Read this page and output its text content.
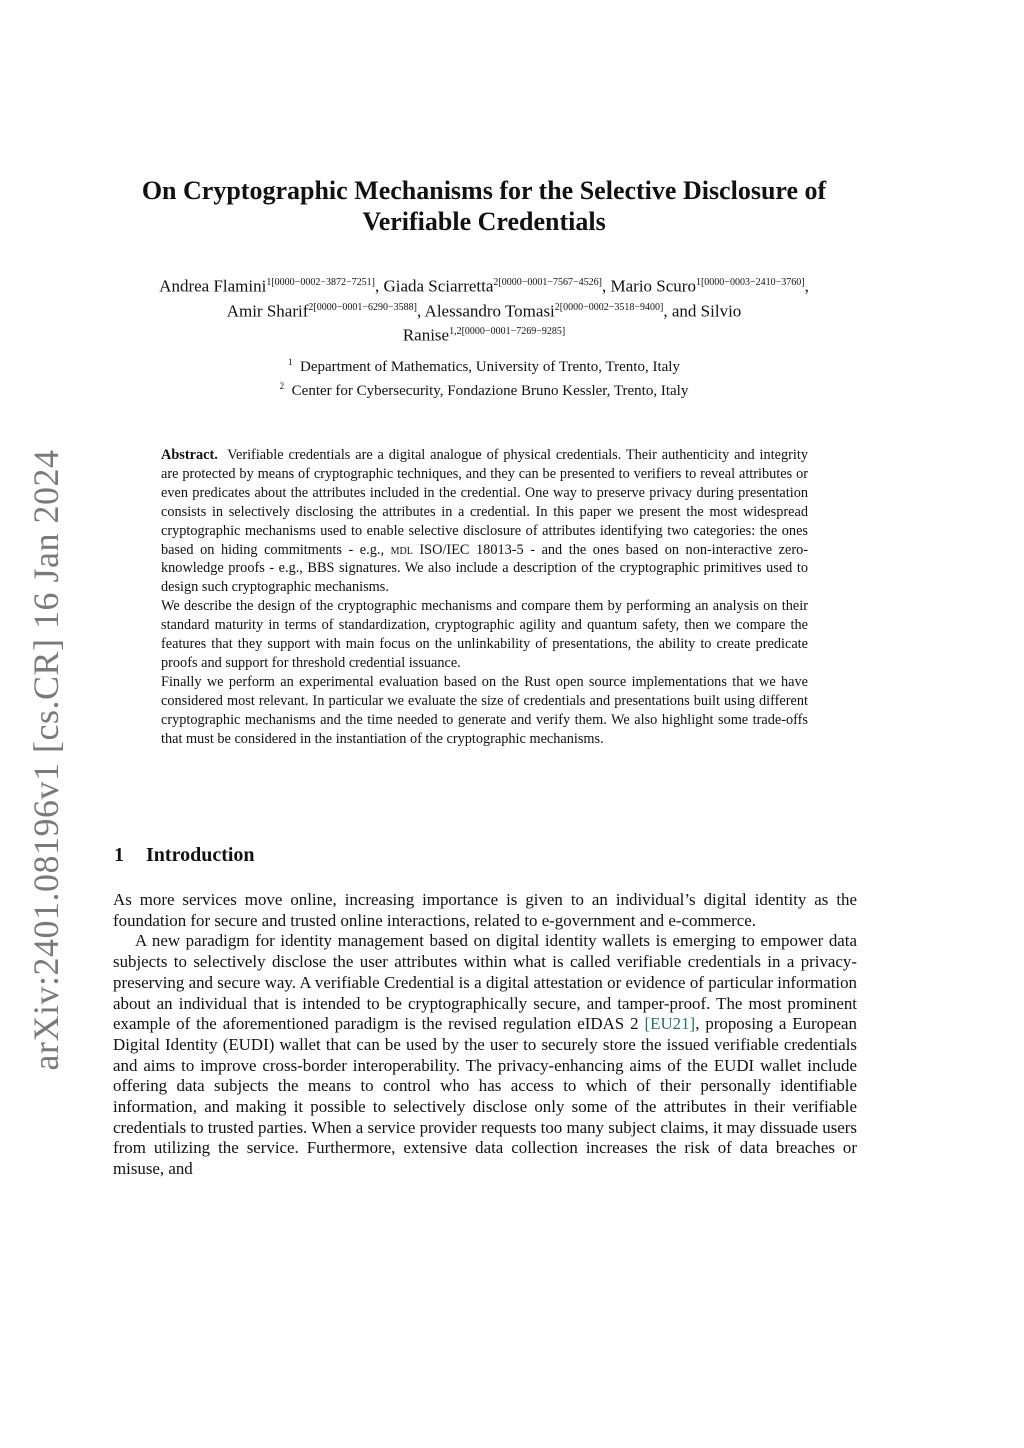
arXiv:2401.08196v1 [cs.CR] 16 Jan 2024
On Cryptographic Mechanisms for the Selective Disclosure of Verifiable Credentials
Andrea Flamini$^{1[0000-0002-3872-7251]}$, Giada Sciarretta$^{2[0000-0001-7567-4526]}$, Mario Scuro$^{1[0000-0003-2410-3760]}$, Amir Sharif$^{2[0000-0001-6290-3588]}$, Alessandro Tomasi$^{2[0000-0002-3518-9400]}$, and Silvio Ranise$^{1,2[0000-0001-7269-9285]}$
$^1$ Department of Mathematics, University of Trento, Trento, Italy
$^2$ Center for Cybersecurity, Fondazione Bruno Kessler, Trento, Italy

Abstract. Verifiable credentials are a digital analogue of physical credentials. Their authenticity and integrity are protected by means of cryptographic techniques, and they can be presented to verifiers to reveal attributes or even predicates about the attributes included in the credential. One way to preserve privacy during presentation consists in selectively disclosing the attributes in a credential. In this paper we present the most widespread cryptographic mechanisms used to enable selective disclosure of attributes identifying two categories: the ones based on hiding commitments - e.g., mdl ISO/IEC 18013-5 - and the ones based on non-interactive zero-knowledge proofs - e.g., BBS signatures. We also include a description of the cryptographic primitives used to design such cryptographic mechanisms.

We describe the design of the cryptographic mechanisms and compare them by performing an analysis on their standard maturity in terms of standardization, cryptographic agility and quantum safety, then we compare the features that they support with main focus on the unlinkability of presentations, the ability to create predicate proofs and support for threshold credential issuance.

Finally we perform an experimental evaluation based on the Rust open source implementations that we have considered most relevant. In particular we evaluate the size of credentials and presentations built using different cryptographic mechanisms and the time needed to generate and verify them. We also highlight some trade-offs that must be considered in the instantiation of the cryptographic mechanisms.

1 Introduction

As more services move online, increasing importance is given to an individual’s digital identity as the foundation for secure and trusted online interactions, related to e-government and e-commerce.

A new paradigm for identity management based on digital identity wallets is emerging to empower data subjects to selectively disclose the user attributes within what is called verifiable credentials in a privacy-preserving and secure way. A verifiable Credential is a digital attestation or evidence of particular information about an individual that is intended to be cryptographically secure, and tamper-proof. The most prominent example of the aforementioned paradigm is the revised regulation eIDAS 2 [EU21], proposing a European Digital Identity (EUDI) wallet that can be used by the user to securely store the issued verifiable credentials and aims to improve cross-border interoperability. The privacy-enhancing aims of the EUDI wallet include offering data subjects the means to control who has access to which of their personally identifiable information, and making it possible to selectively disclose only some of the attributes in their verifiable credentials to trusted parties. When a service provider requests too many subject claims, it may dissuade users from utilizing the service. Furthermore, extensive data collection increases the risk of data breaches or misuse, and
